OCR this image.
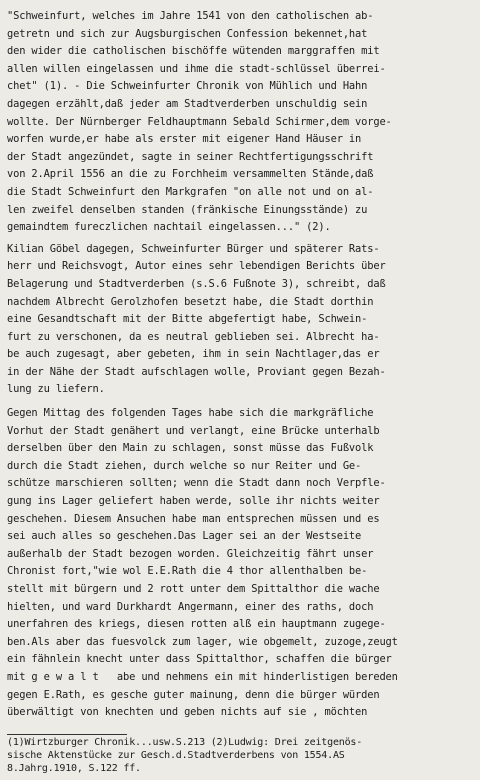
"Schweinfurt, welches im Jahre 1541 von den catholischen ab-
getretn und sich zur Augsburgischen Confession bekennet,hat
den wider die catholischen bischöffe wütenden marggraffen mit
allen willen eingelassen und ihme die stadt-schlüssel überrei-
chet" (1). - Die Schweinfurter Chronik von Mühlich und Hahn
dagegen erzählt,daß jeder am Stadtverderben unschuldig sein
wollte. Der Nürnberger Feldhauptmann Sebald Schirmer,dem vorge-
worfen wurde,er habe als erster mit eigener Hand Häuser in
der Stadt angezündet, sagte in seiner Rechtfertigungsschrift
von 2.April 1556 an die zu Forchheim versammelten Stände,daß
die Stadt Schweinfurt den Markgrafen "on alle not und on al-
len zweifel denselben standen (fränkische Einungsstände) zu
gemaindtem fureczlichen nachtail eingelassen..." (2).
Kilian Göbel dagegen, Schweinfurter Bürger und späterer Rats-
herr und Reichsvogt, Autor eines sehr lebendigen Berichts über
Belagerung und Stadtverderben (s.S.6 Fußnote 3), schreibt, daß
nachdem Albrecht Gerolzhofen besetzt habe, die Stadt dorthin
eine Gesandtschaft mit der Bitte abgefertigt habe, Schwein-
furt zu verschonen, da es neutral geblieben sei. Albrecht ha-
be auch zugesagt, aber gebeten, ihm in sein Nachtlager,das er
in der Nähe der Stadt aufschlagen wolle, Proviant gegen Bezah-
lung zu liefern.
Gegen Mittag des folgenden Tages habe sich die markgräfliche
Vorhut der Stadt genähert und verlangt, eine Brücke unterhalb
derselben über den Main zu schlagen, sonst müsse das Fußvolk
durch die Stadt ziehen, durch welche so nur Reiter und Ge-
schütze marschieren sollten; wenn die Stadt dann noch Verpfle-
gung ins Lager geliefert haben werde, solle ihr nichts weiter
geschehen. Diesem Ansuchen habe man entsprechen müssen und es
sei auch alles so geschehen.Das Lager sei an der Westseite
außerhalb der Stadt bezogen worden. Gleichzeitig fährt unser
Chronist fort,"wie wol E.E.Rath die 4 thor allenthalben be-
stellt mit bürgern und 2 rott unter dem Spittalthor die wache
hielten, und ward Durkhardt Angermann, einer des raths, doch
unerfahren des kriegs, diesen rotten alß ein hauptmann zugege-
ben.Als aber das fuesvolck zum lager, wie obgemelt, zuzoge,zeugt
ein fähnlein knecht unter dass Spittalthor, schaffen die bürger
mit g e w a l t   abe und nehmens ein mit hinderlistigen bereden
gegen E.Rath, es gesche guter mainung, denn die bürger würden
überwältigt von knechten und geben nichts auf sie , möchten
(1)Wirtzburger Chronik...usw.S.213 (2)Ludwig: Drei zeitgenös-
sische Aktenstücke zur Gesch.d.Stadtverderbens von 1554.AS
8.Jahrg.1910, S.122 ff.
